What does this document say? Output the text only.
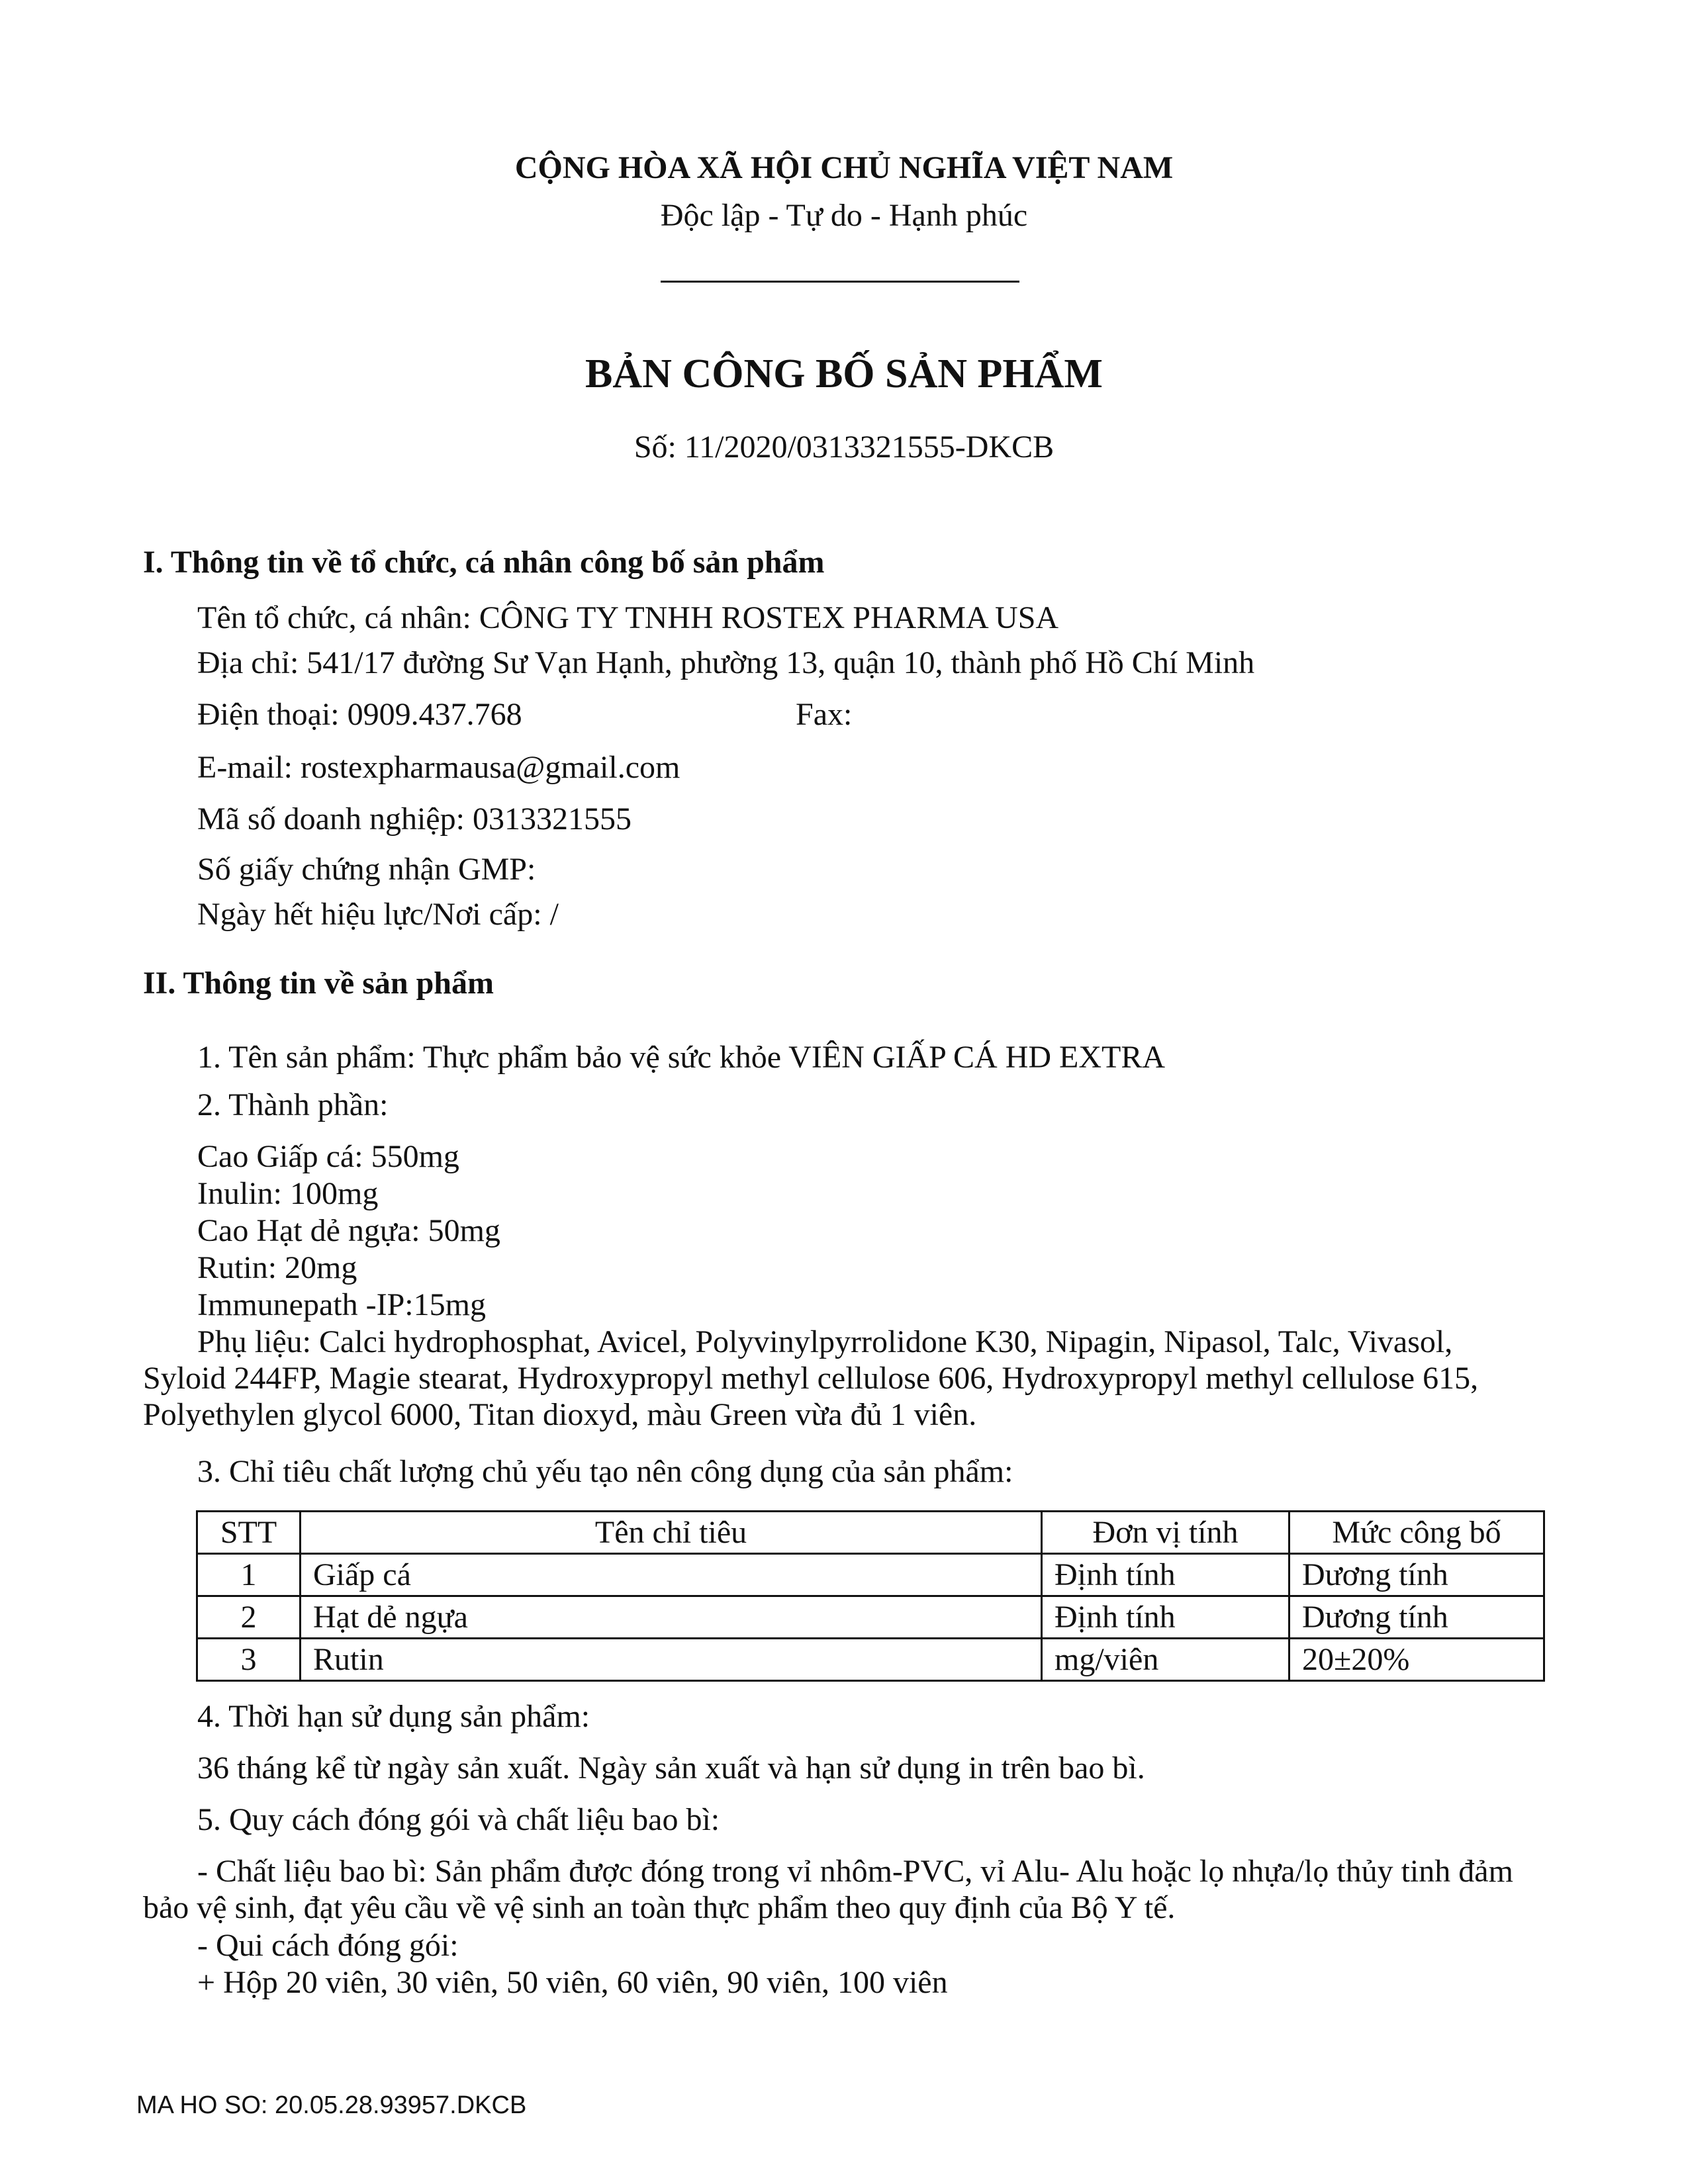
CỘNG HÒA XÃ HỘI CHỦ NGHĨA VIỆT NAM
Độc lập - Tự do - Hạnh phúc
BẢN CÔNG BỐ SẢN PHẨM
Số: 11/2020/0313321555-DKCB
I. Thông tin về tổ chức, cá nhân công bố sản phẩm
Tên tổ chức, cá nhân: CÔNG TY TNHH ROSTEX PHARMA USA
Địa chỉ: 541/17 đường Sư Vạn Hạnh, phường 13, quận 10, thành phố Hồ Chí Minh
Điện thoại: 0909.437.768	Fax:
E-mail: rostexpharmausa@gmail.com
Mã số doanh nghiệp: 0313321555
Số giấy chứng nhận GMP:
Ngày hết hiệu lực/Nơi cấp: /
II. Thông tin về sản phẩm
1. Tên sản phẩm: Thực phẩm bảo vệ sức khỏe VIÊN GIẤP CÁ HD EXTRA
2. Thành phần:
Cao Giấp cá: 550mg
Inulin: 100mg
Cao Hạt dẻ ngựa: 50mg
Rutin: 20mg
Immunepath -IP:15mg
Phụ liệu: Calci hydrophosphat, Avicel, Polyvinylpyrrolidone K30, Nipagin, Nipasol, Talc, Vivasol, Syloid 244FP, Magie stearat, Hydroxypropyl methyl cellulose 606, Hydroxypropyl methyl cellulose 615, Polyethylen glycol 6000, Titan dioxyd, màu Green vừa đủ 1 viên.
3. Chỉ tiêu chất lượng chủ yếu tạo nên công dụng của sản phẩm:
STT	Tên chỉ tiêu	Đơn vị tính	Mức công bố
1	Giấp cá	Định tính	Dương tính
2	Hạt dẻ ngựa	Định tính	Dương tính
3	Rutin	mg/viên	20±20%
4. Thời hạn sử dụng sản phẩm:
36 tháng kể từ ngày sản xuất. Ngày sản xuất và hạn sử dụng in trên bao bì.
5. Quy cách đóng gói và chất liệu bao bì:
- Chất liệu bao bì: Sản phẩm được đóng trong vỉ nhôm-PVC, vỉ Alu- Alu hoặc lọ nhựa/lọ thủy tinh đảm bảo vệ sinh, đạt yêu cầu về vệ sinh an toàn thực phẩm theo quy định của Bộ Y tế.
- Qui cách đóng gói:
+ Hộp 20 viên, 30 viên, 50 viên, 60 viên, 90 viên, 100 viên
MA HO SO: 20.05.28.93957.DKCB
